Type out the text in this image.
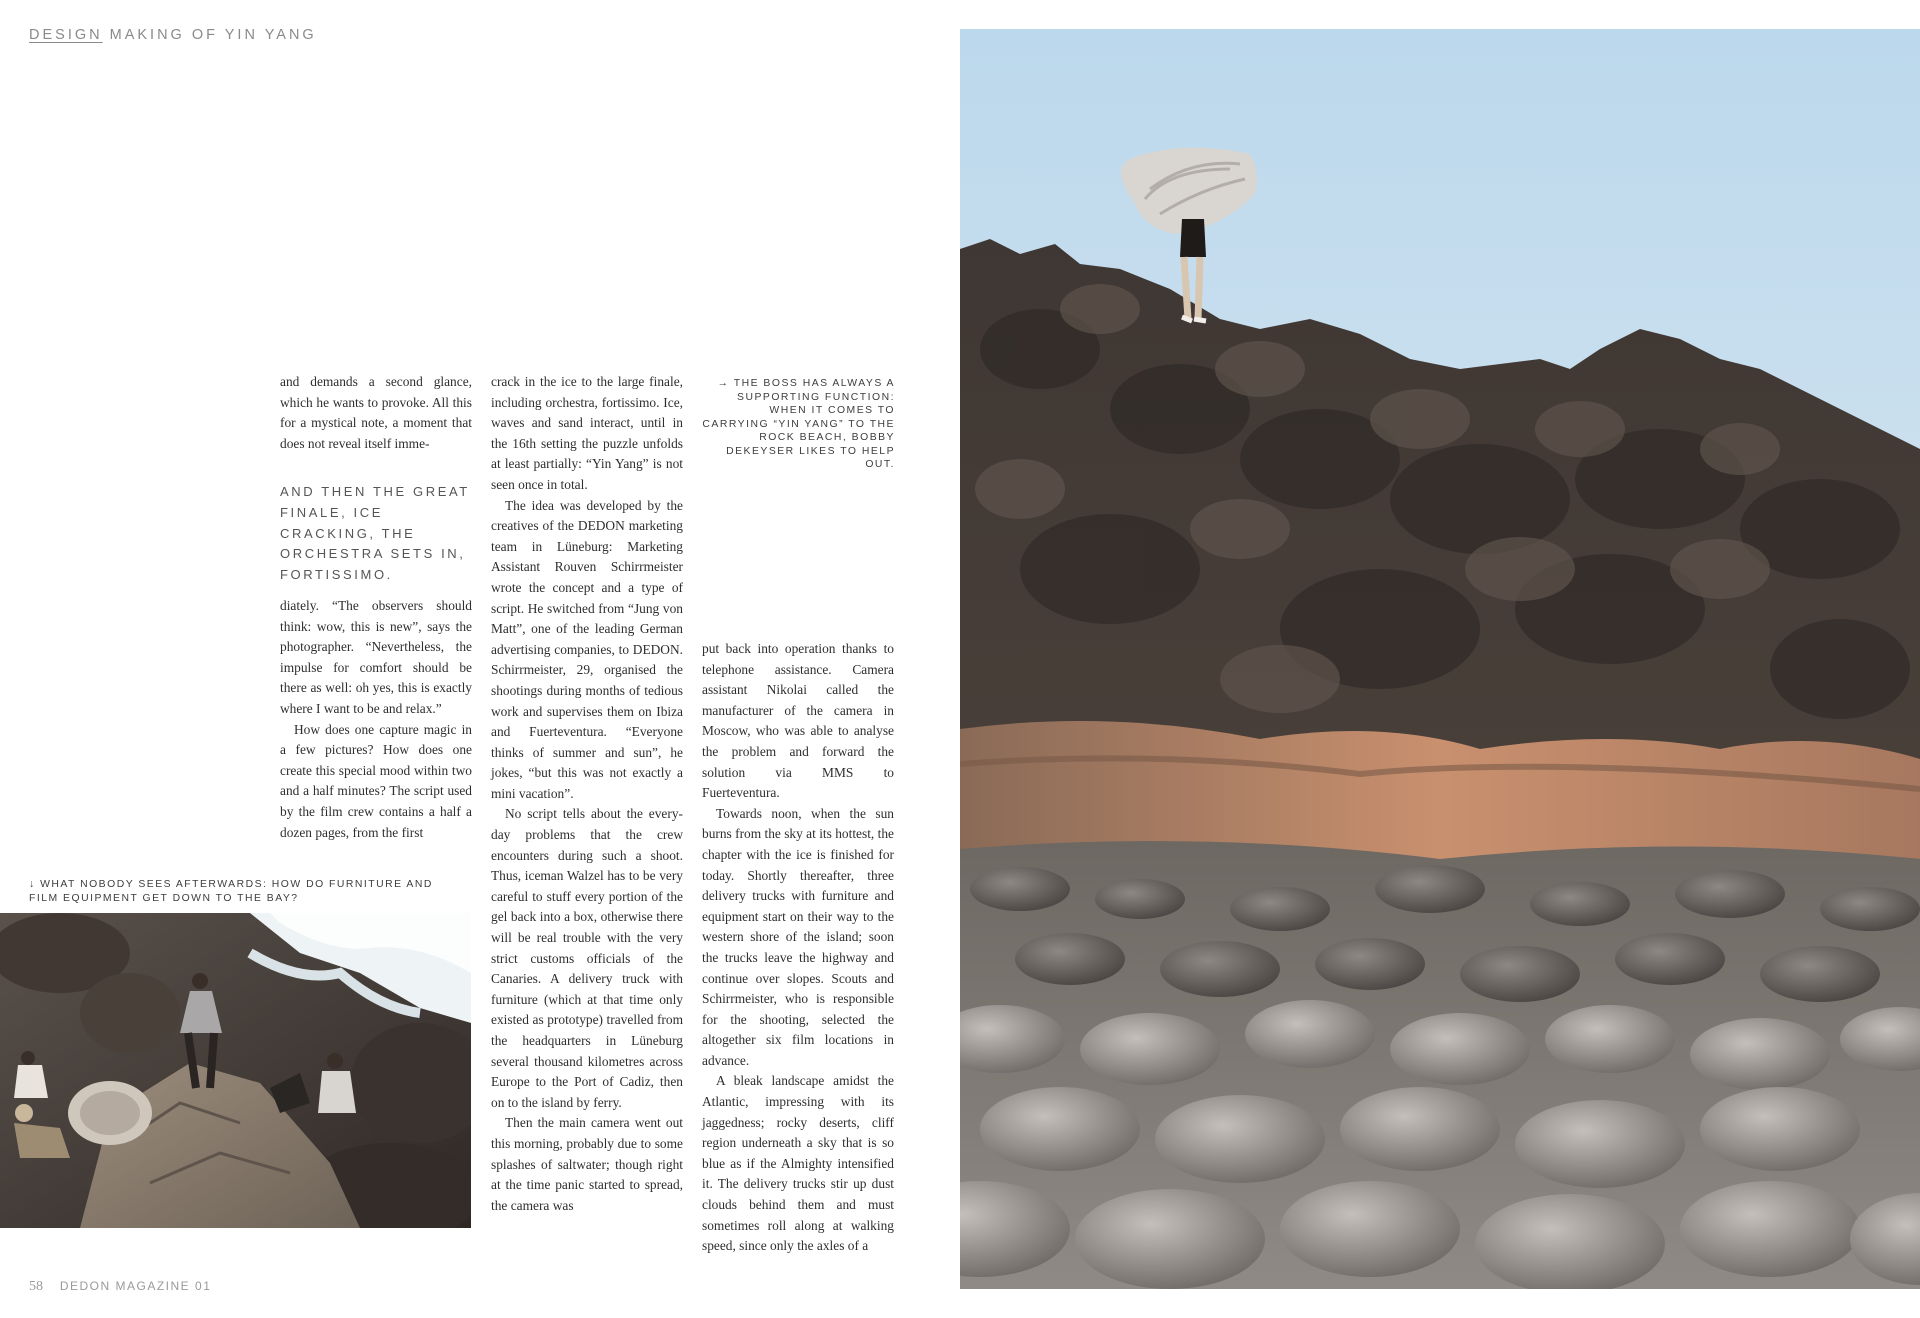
DESIGN MAKING OF YIN YANG

and demands a second glance, which he wants to provoke. All this for a mystical note, a moment that does not reveal itself imme-

AND THEN THE GREAT FINALE, ICE CRACKING, THE ORCHESTRA SETS IN, FORTISSIMO.

diately. “The observers should think: wow, this is new”, says the photographer. “Nevertheless, the impulse for comfort should be there as well: oh yes, this is exactly where I want to be and relax.”

How does one capture magic in a few pictures? How does one create this special mood within two and a half minutes? The script used by the film crew contains a half a dozen pages, from the first

crack in the ice to the large finale, including orchestra, fortissimo. Ice, waves and sand interact, until in the 16th setting the puzzle unfolds at least partially: “Yin Yang” is not seen once in total.

The idea was developed by the creatives of the DEDON marketing team in Lüneburg: Marketing Assistant Rouven Schirrmeister wrote the concept and a type of script. He switched from “Jung von Matt”, one of the leading German advertising companies, to DEDON. Schirrmeister, 29, organised the shootings during months of tedious work and supervises them on Ibiza and Fuerteventura. “Everyone thinks of summer and sun”, he jokes, “but this was not exactly a mini vacation”.

No script tells about the every-day problems that the crew encounters during such a shoot. Thus, iceman Walzel has to be very careful to stuff every portion of the gel back into a box, otherwise there will be real trouble with the very strict customs officials of the Canaries. A delivery truck with furniture (which at that time only existed as prototype) travelled from the headquarters in Lüneburg several thousand kilometres across Europe to the Port of Cadiz, then on to the island by ferry.

Then the main camera went out this morning, probably due to some splashes of saltwater; though right at the time panic started to spread, the camera was

→ THE BOSS HAS ALWAYS A SUPPORTING FUNCTION: WHEN IT COMES TO CARRYING “YIN YANG” TO THE ROCK BEACH, BOBBY DEKEYSER LIKES TO HELP OUT.

put back into operation thanks to telephone assistance. Camera assistant Nikolai called the manufacturer of the camera in Moscow, who was able to analyse the problem and forward the solution via MMS to Fuerteventura.

Towards noon, when the sun burns from the sky at its hottest, the chapter with the ice is finished for today. Shortly thereafter, three delivery trucks with furniture and equipment start on their way to the western shore of the island; soon the trucks leave the highway and continue over slopes. Scouts and Schirrmeister, who is responsible for the shooting, selected the altogether six film locations in advance.

A bleak landscape amidst the Atlantic, impressing with its jaggedness; rocky deserts, cliff region underneath a sky that is so blue as if the Almighty intensified it. The delivery trucks stir up dust clouds behind them and must sometimes roll along at walking speed, since only the axles of a

↓ WHAT NOBODY SEES AFTERWARDS: HOW DO FURNITURE AND FILM EQUIPMENT GET DOWN TO THE BAY?
58 DEDON MAGAZINE 01
